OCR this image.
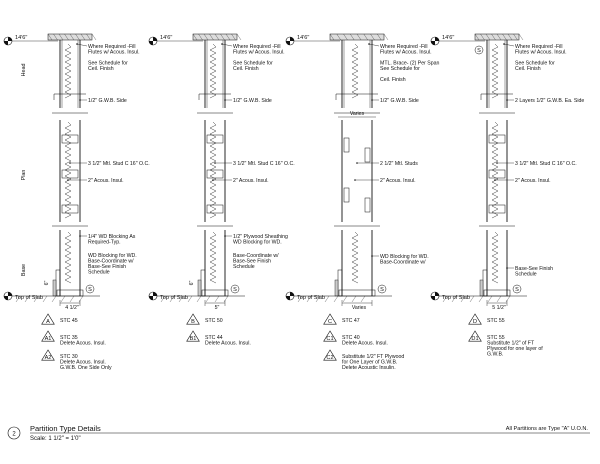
Head
Plan
Base
14'6"
Where Required -Fill
Flutes w/ Acous. Insul.
See Schedule for
Ceil. Finish
1/2" G.W.B. Side
3 1/2" Mtl. Stud C 16" O.C.
2" Acous. Insul.
Top of Slab
S
4 1/2"
6"
1/4" WD Blocking As
Required-Typ.
WD Blocking for WD.
Base-Coordinate w/
Base-See Finish
Schedule
A STC 45
A1 STC 35
Delete Acous. Insul.
A2 STC 30
Delete Acous. Insul.
G.W.B. One Side Only
14'6"
Where Required -Fill
Flutes w/ Acous. Insul.
See Schedule for
Ceil. Finish
1/2" G.W.B. Side
3 1/2" Mtl. Stud C 16" O.C.
2" Acous. Insul.
Top of Slab
S
5"
6"
1/2" Plywood Sheathing
WD Blocking for WD.
Base-Coordinate w/
Base-See Finish
Schedule
B STC 50
B1 STC 44
Delete Acous. Insul.
14'6"
Where Required -Fill
Flutes w/ Acous. Insul.
MTL. Brace- (2) Per Span
See Schedule for
Ceil. Finish
1/2" G.W.B. Side
Varies
2 1/2" Mtl. Studs
2" Acous. Insul.
Top of Slab
S
Varies
WD Blocking for WD.
Base-Coordinate w/
C STC 47
C1 STC 40
Delete Acous. Insul.
C2 Substitute 1/2" FT Plywood
for One Layer of G.W.B.
Delete Acoustic Insulin.
14'6"
S
Where Required -Fill
Flutes w/ Acous. Insul.
See Schedule for
Ceil. Finish
2 Layers 1/2" G.W.B. Ea. Side
3 1/2" Mtl. Stud C 16" O.C.
2" Acous. Insul.
Top of Slab
S
5 1/2"
Base-See Finish
Schedule
D STC 55
D1 STC 55
Substitute 1/2" of FT
Plywood for one layer of
G.W.B.
2
Partition Type Details
Scale: 1 1/2" = 1'0"
All Partitions are Type "A" U.O.N.
